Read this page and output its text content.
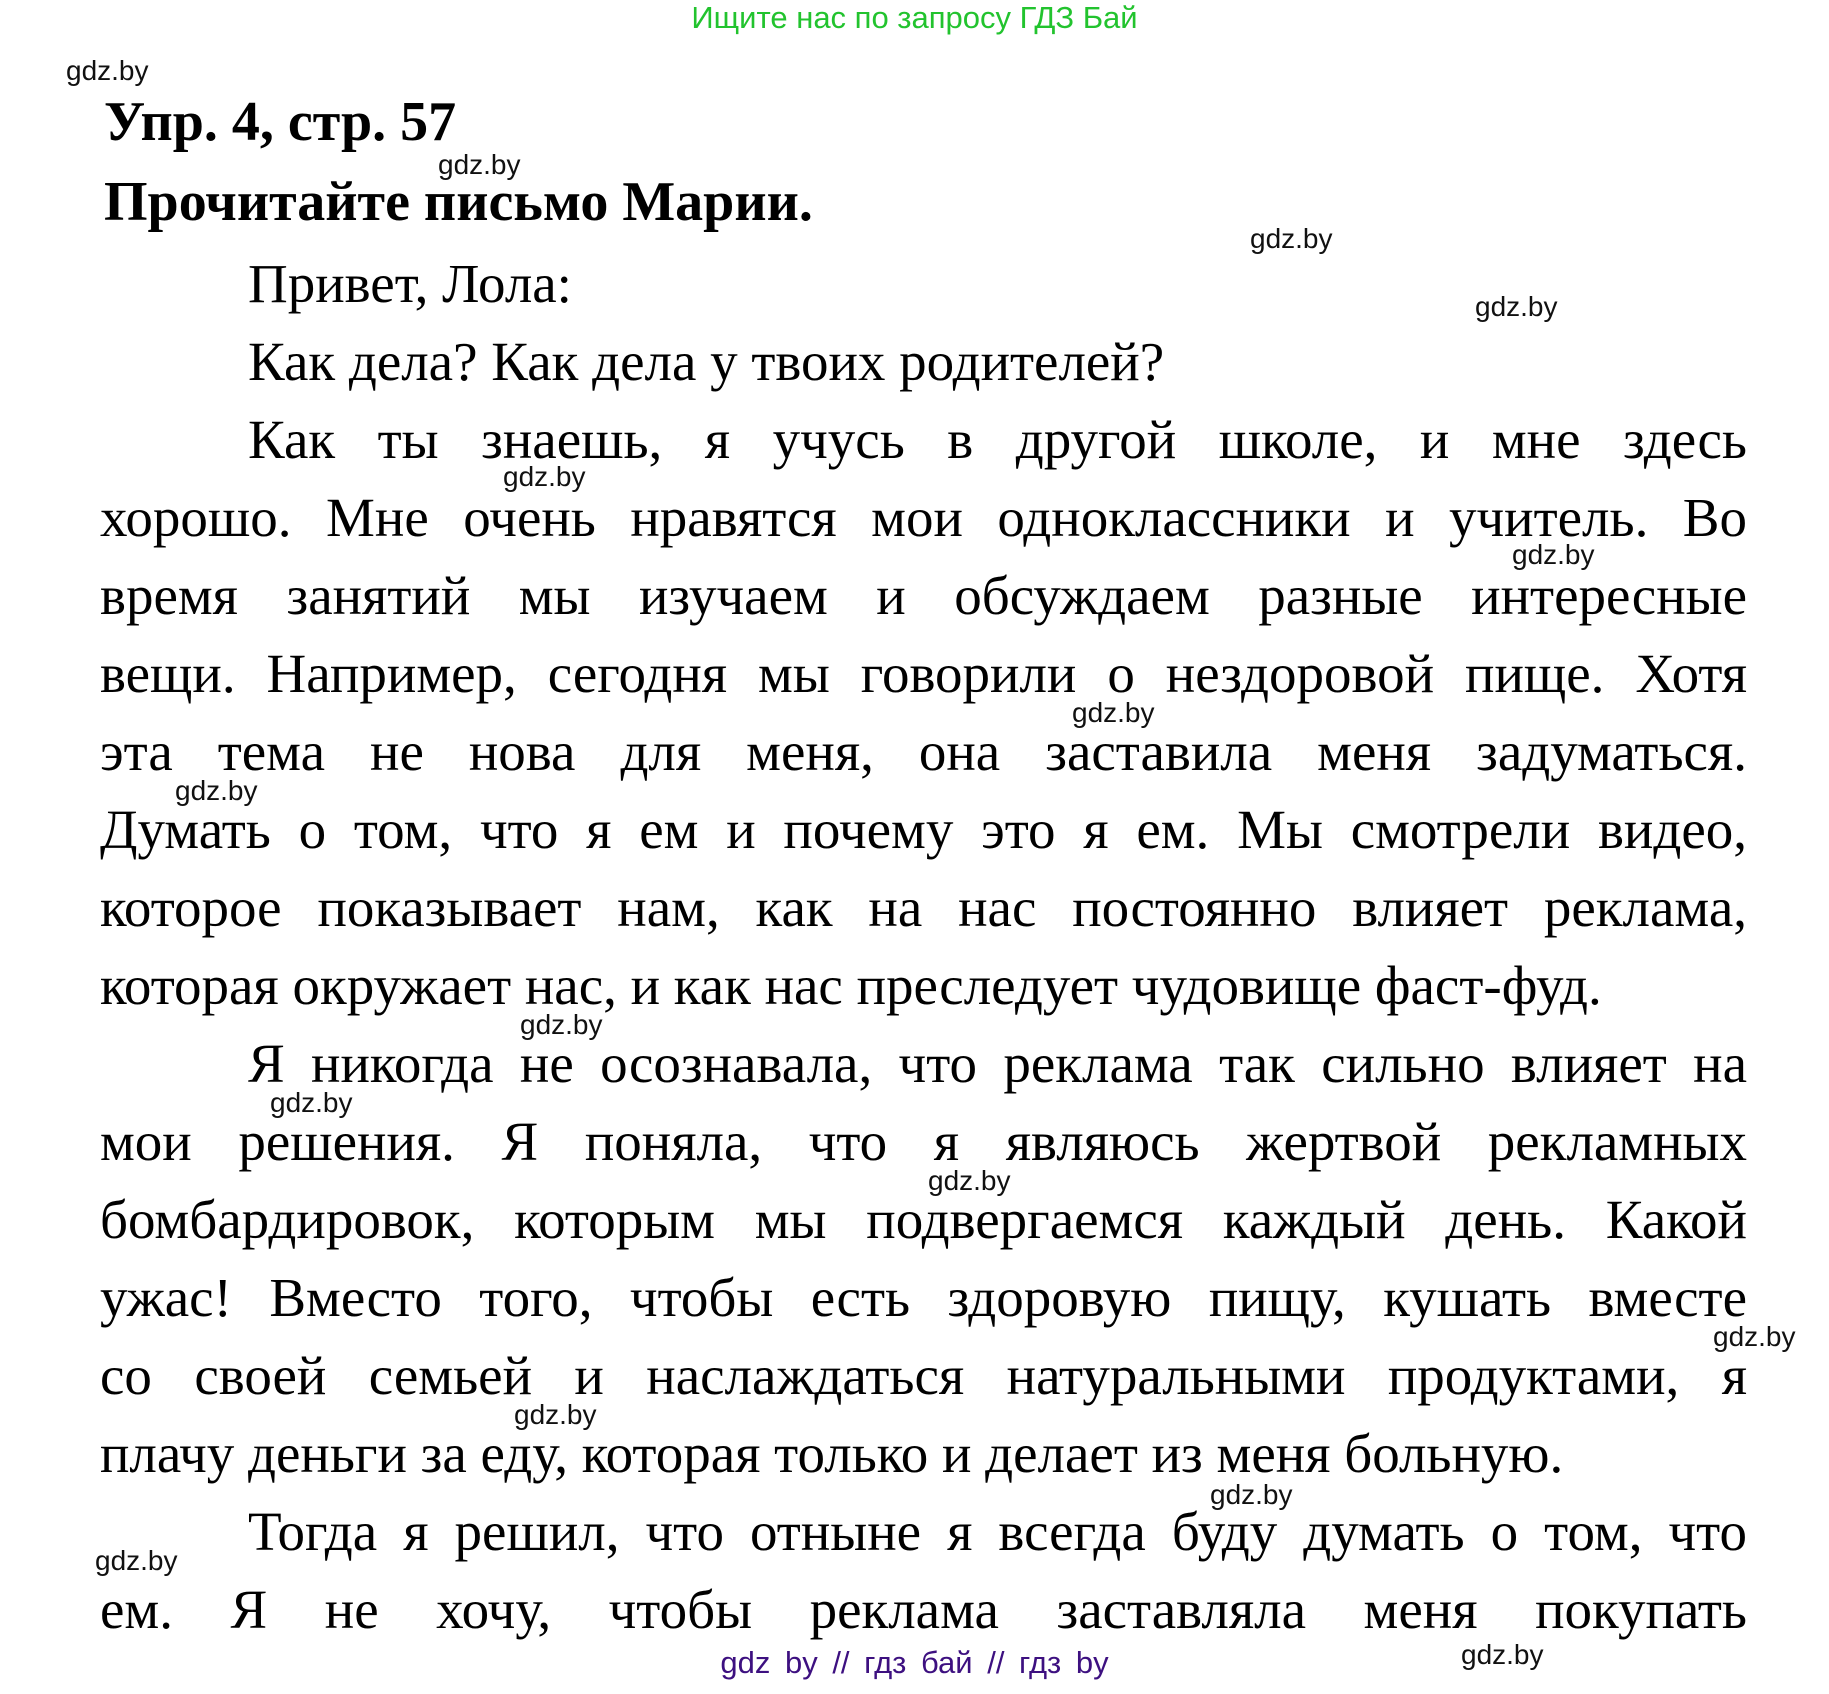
Ищите нас по запросу ГДЗ Бай
Упр. 4, стр. 57
Прочитайте письмо Марии.
Привет, Лола:
Как дела? Как дела у твоих родителей?
Как ты знаешь, я учусь в другой школе, и мне здесь
хорошо. Мне очень нравятся мои одноклассники и учитель. Во
время занятий мы изучаем и обсуждаем разные интересные
вещи. Например, сегодня мы говорили о нездоровой пище. Хотя
эта тема не нова для меня, она заставила меня задуматься.
Думать о том, что я ем и почему это я ем. Мы смотрели видео,
которое показывает нам, как на нас постоянно влияет реклама,
которая окружает нас, и как нас преследует чудовище фаст-фуд.
Я никогда не осознавала, что реклама так сильно влияет на
мои решения. Я поняла, что я являюсь жертвой рекламных
бомбардировок, которым мы подвергаемся каждый день. Какой
ужас! Вместо того, чтобы есть здоровую пищу, кушать вместе
со своей семьей и наслаждаться натуральными продуктами, я
плачу деньги за еду, которая только и делает из меня больную.
Тогда я решил, что отныне я всегда буду думать о том, что
ем. Я не хочу, чтобы реклама заставляла меня покупать
gdz.by
gdz.by
gdz.by
gdz.by
gdz.by
gdz.by
gdz.by
gdz.by
gdz.by
gdz.by
gdz.by
gdz.by
gdz.by
gdz.by
gdz.by
gdz.by
gdz by // гдз бай // гдз by
